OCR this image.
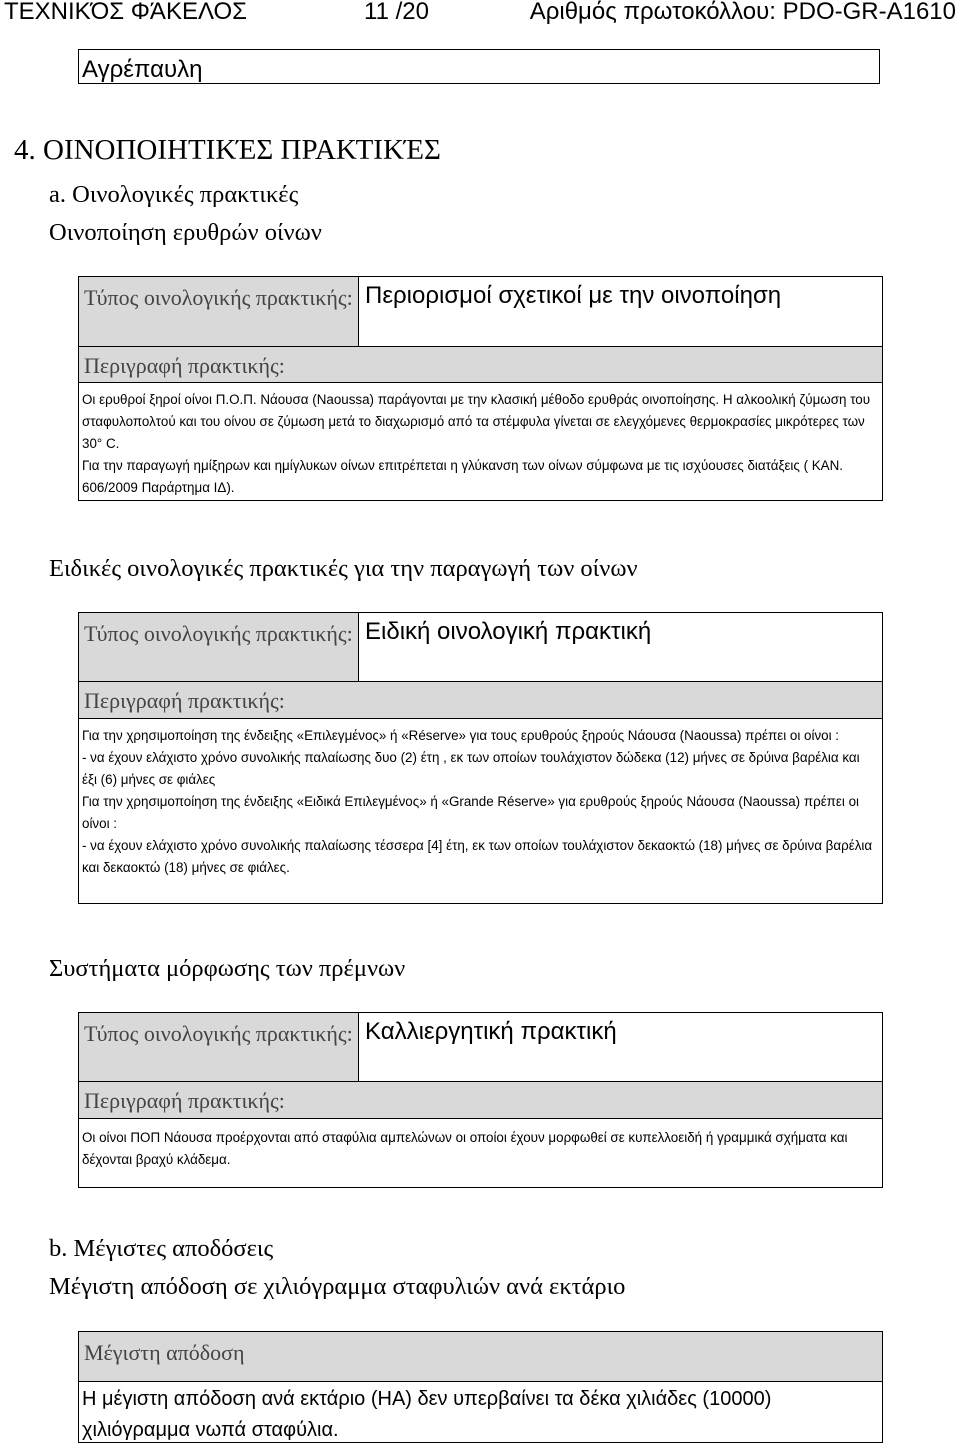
ΤΕΧΝΙΚΌΣ ΦΆΚΕΛΟΣ	11 /20	Αριθμός πρωτοκόλλου: PDO-GR-A1610
Αγρέπαυλη
4. ΟΙΝΟΠΟΙΗΤΙΚΈΣ ΠΡΑΚΤΙΚΈΣ
a. Οινολογικές πρακτικές
Οινοποίηση ερυθρών οίνων
Τύπος οινολογικής πρακτικής: Περιορισμοί σχετικοί με την οινοποίηση
Περιγραφή πρακτικής:

Οι ερυθροί ξηροί οίνοι Π.Ο.Π. Νάουσα (Naoussa) παράγονται με την κλασική μέθοδο ερυθράς οινοποίησης. Η αλκοολική ζύμωση του σταφυλοπολτού και του οίνου σε ζύμωση μετά το διαχωρισμό από τα στέμφυλα γίνεται σε ελεγχόμενες θερμοκρασίες μικρότερες των 30° C.

Για την παραγωγή ημίξηρων και ημίγλυκων οίνων επιτρέπεται η γλύκανση των οίνων σύμφωνα με τις ισχύουσες διατάξεις ( ΚΑΝ. 606/2009 Παράρτημα ΙΔ).

Ειδικές οινολογικές πρακτικές για την παραγωγή των οίνων
Τύπος οινολογικής πρακτικής: Ειδική οινολογική πρακτική
Περιγραφή πρακτικής:

Για την χρησιμοποίηση της ένδειξης «Επιλεγμένος» ή «Réserve» για τους ερυθρούς ξηρούς Νάουσα (Naoussa) πρέπει οι οίνοι :

- να έχουν ελάχιστο χρόνο συνολικής παλαίωσης δυο (2) έτη , εκ των οποίων τουλάχιστον δώδεκα (12) μήνες σε δρύινα βαρέλια και έξι (6) μήνες σε φιάλες

Για την χρησιμοποίηση της ένδειξης «Ειδικά Επιλεγμένος» ή «Grande Réserve» για ερυθρούς ξηρούς Νάουσα (Naoussa) πρέπει οι οίνοι :

- να έχουν ελάχιστο χρόνο συνολικής παλαίωσης τέσσερα [4] έτη, εκ των οποίων τουλάχιστον δεκαοκτώ (18) μήνες σε δρύινα βαρέλια και δεκαοκτώ (18) μήνες σε φιάλες.

Συστήματα μόρφωσης των πρέμνων
Τύπος οινολογικής πρακτικής: Καλλιεργητική πρακτική
Περιγραφή πρακτικής:

Οι οίνοι ΠΟΠ Νάουσα προέρχονται από σταφύλια αμπελώνων οι οποίοι έχουν μορφωθεί σε κυπελλοειδή ή γραμμικά σχήματα και δέχονται βραχύ κλάδεμα.

b. Μέγιστες αποδόσεις
Μέγιστη απόδοση σε χιλιόγραμμα σταφυλιών ανά εκτάριο
Μέγιστη απόδοση
Η μέγιστη απόδοση ανά εκτάριο (HA) δεν υπερβαίνει τα δέκα χιλιάδες (10000) χιλιόγραμμα νωπά σταφύλια.
